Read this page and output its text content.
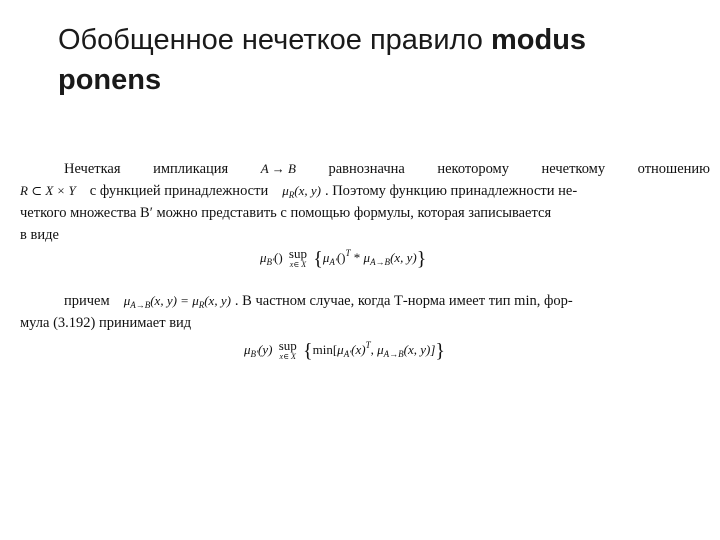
Обобщенное нечеткое правило modus ponens
Нечеткая импликация	A → B равнозначна некоторому нечеткому отношению
R ⊂ X × Y с функцией принадлежности $\mu_R(x$, y) . Поэтому функцию принадлежности не-
четкого множества B′ можно представить с помощью формулы, которая записывается
в виде
$\mu_{B'}()$ sup
x∈ X {$\mu_{A'}()^T * \mu_{A\to B}(x$, y)}
причем $\mu_{A\to B}(x$, $y) = \mu_R(x$, y) . В частном случае, когда Т-норма имеет тип min, фор-
мула (3.192) принимает вид
$\mu_{B'}(y)$ sup
x∈ X {$\min[\mu_{A'}(x)^T$, $\mu_{A\to B}(x$, y)]}
